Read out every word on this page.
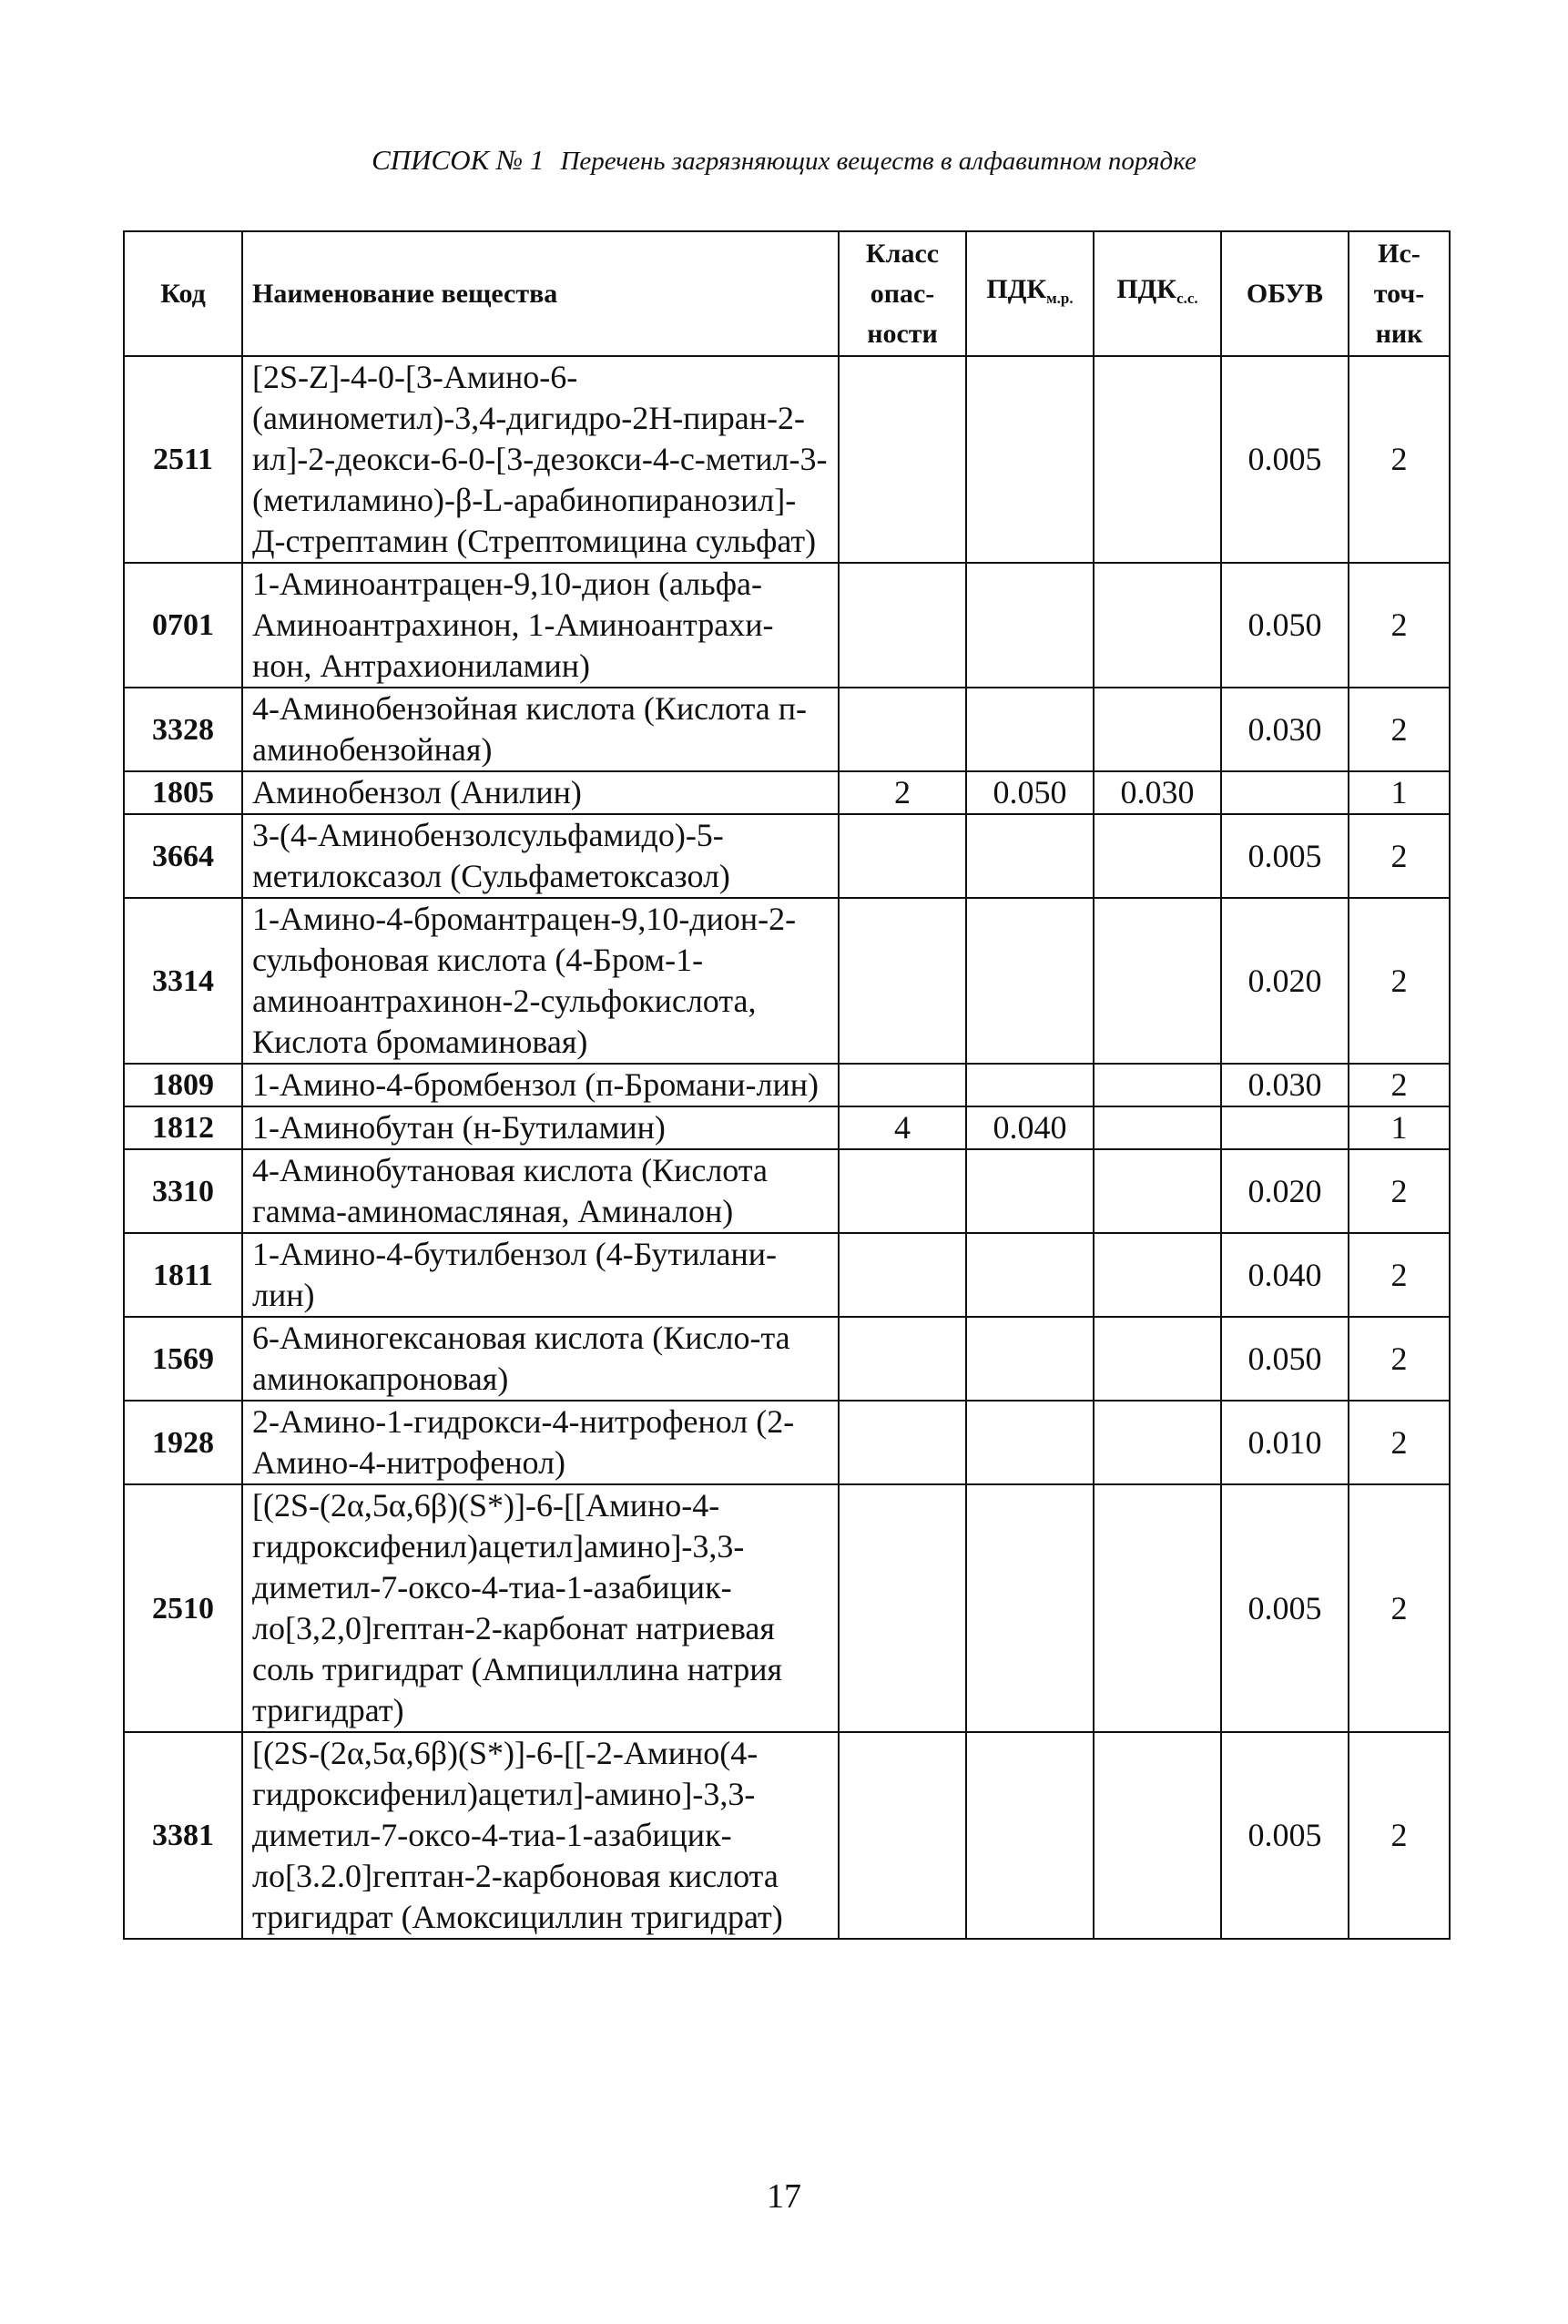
СПИСОК № 1 Перечень загрязняющих веществ в алфавитном порядке
Код	Наименование вещества	Класс опас-ности	$ПДК_{м.р.}$	$ПДК_{с.с.}$	ОБУВ	Ис-точ-ник
2511	[2S-Z]-4-0-[3-Амино-6-(аминометил)-3,4-дигидро-2Н-пиран-2-ил]-2-деокси-6-0-[3-дезокси-4-с-метил-3-(метиламино)-β-L-арабинопиранозил]-Д-стрептамин (Стрептомицина сульфат)				0.005	2
0701	1-Аминоантрацен-9,10-дион (альфа-Аминоантрахинон, 1-Аминоантрахи-нон, Антрахиониламин)				0.050	2
3328	4-Аминобензойная кислота (Кислота п-аминобензойная)				0.030	2
1805	Аминобензол (Анилин)	2	0.050	0.030		1
3664	3-(4-Аминобензолсульфамидо)-5-метилоксазол (Сульфаметоксазол)				0.005	2
3314	1-Амино-4-бромантрацен-9,10-дион-2-сульфоновая кислота (4-Бром-1-аминоантрахинон-2-сульфокислота, Кислота бромаминовая)				0.020	2
1809	1-Амино-4-бромбензол (п-Бромани-лин)				0.030	2
1812	1-Аминобутан (н-Бутиламин)	4	0.040			1
3310	4-Аминобутановая кислота (Кислота гамма-аминомасляная, Аминалон)				0.020	2
1811	1-Амино-4-бутилбензол (4-Бутилани-лин)				0.040	2
1569	6-Аминогексановая кислота (Кисло-та аминокапроновая)				0.050	2
1928	2-Амино-1-гидрокси-4-нитрофенол (2-Амино-4-нитрофенол)				0.010	2
2510	[(2S-(2α,5α,6β)(S*)]-6-[[Амино-4-гидроксифенил)ацетил]амино]-3,3-диметил-7-оксо-4-тиа-1-азабицик-ло[3,2,0]гептан-2-карбонат натриевая соль тригидрат (Ампициллина натрия тригидрат)				0.005	2
3381	[(2S-(2α,5α,6β)(S*)]-6-[[-2-Амино(4-гидроксифенил)ацетил]-амино]-3,3-диметил-7-оксо-4-тиа-1-азабицик-ло[3.2.0]гептан-2-карбоновая кислота тригидрат (Амоксициллин тригидрат)				0.005	2
17
